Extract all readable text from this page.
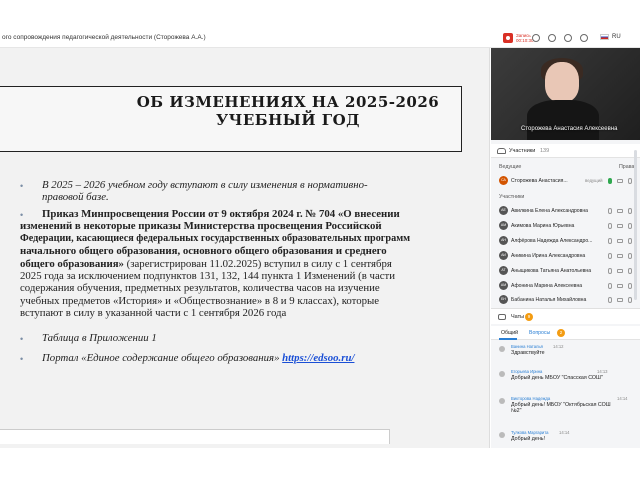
ого сопровождения педагогической деятельности (Сторожева А.А.)	Запись
00:10:30
RU
ОБ ИЗМЕНЕНИЯХ НА 2025-2026
УЧЕБНЫЙ ГОД
• В 2025 – 2026 учебном году вступают в силу изменения в нормативно-
правовой базе.
• Приказ Минпросвещения России от 9 октября 2024 г. № 704 «О внесении
изменений в некоторые приказы Министерства просвещения Российской
Федерации, касающиеся федеральных государственных образовательных программ
начального общего образования, основного общего образования и среднего
общего образования» (зарегистрирован 11.02.2025) вступил в силу с 1 сентября
2025 года за исключением подпунктов 131, 132, 144 пункта 1 Изменений (в части
содержания обучения, предметных результатов, количества часов на изучение
учебных предметов «История» и «Обществознание» в 8 и 9 классах), которые
вступают в силу в указанной части с 1 сентября 2026 года
• Таблица в Приложении 1
• Портал «Единое содержание общего образования» https://edsoo.ru/
Сторожева Анастасия Алексеевна
Участники 139
Ведущие	Права
СА	Сторожева Анастасия...	ведущий
Участники
АЕ	Авилкина Елена Александровна
АМ Акимова Марина Юрьевна
АН Алфёрова Надежда Александро...
АИ Аникина Ирина Александровна
АТ	Аныщикова Татьяна Анатольевна
АМ Афонина Марина Алексеевна
БН Бабанина Наталья Михайловна
Чаты 9
Общий Вопросы	2
Ванина Наталья 14:12
Здравствуйте
Егорьева Ирина	14:13
Добрый день МБОУ "Спасская СОШ"
Викторова Надежда	14:14
Добрый день! МБОУ "Октябрьская СОШ №2"
Тулкова Маргарита	14:14
Добрый день!
